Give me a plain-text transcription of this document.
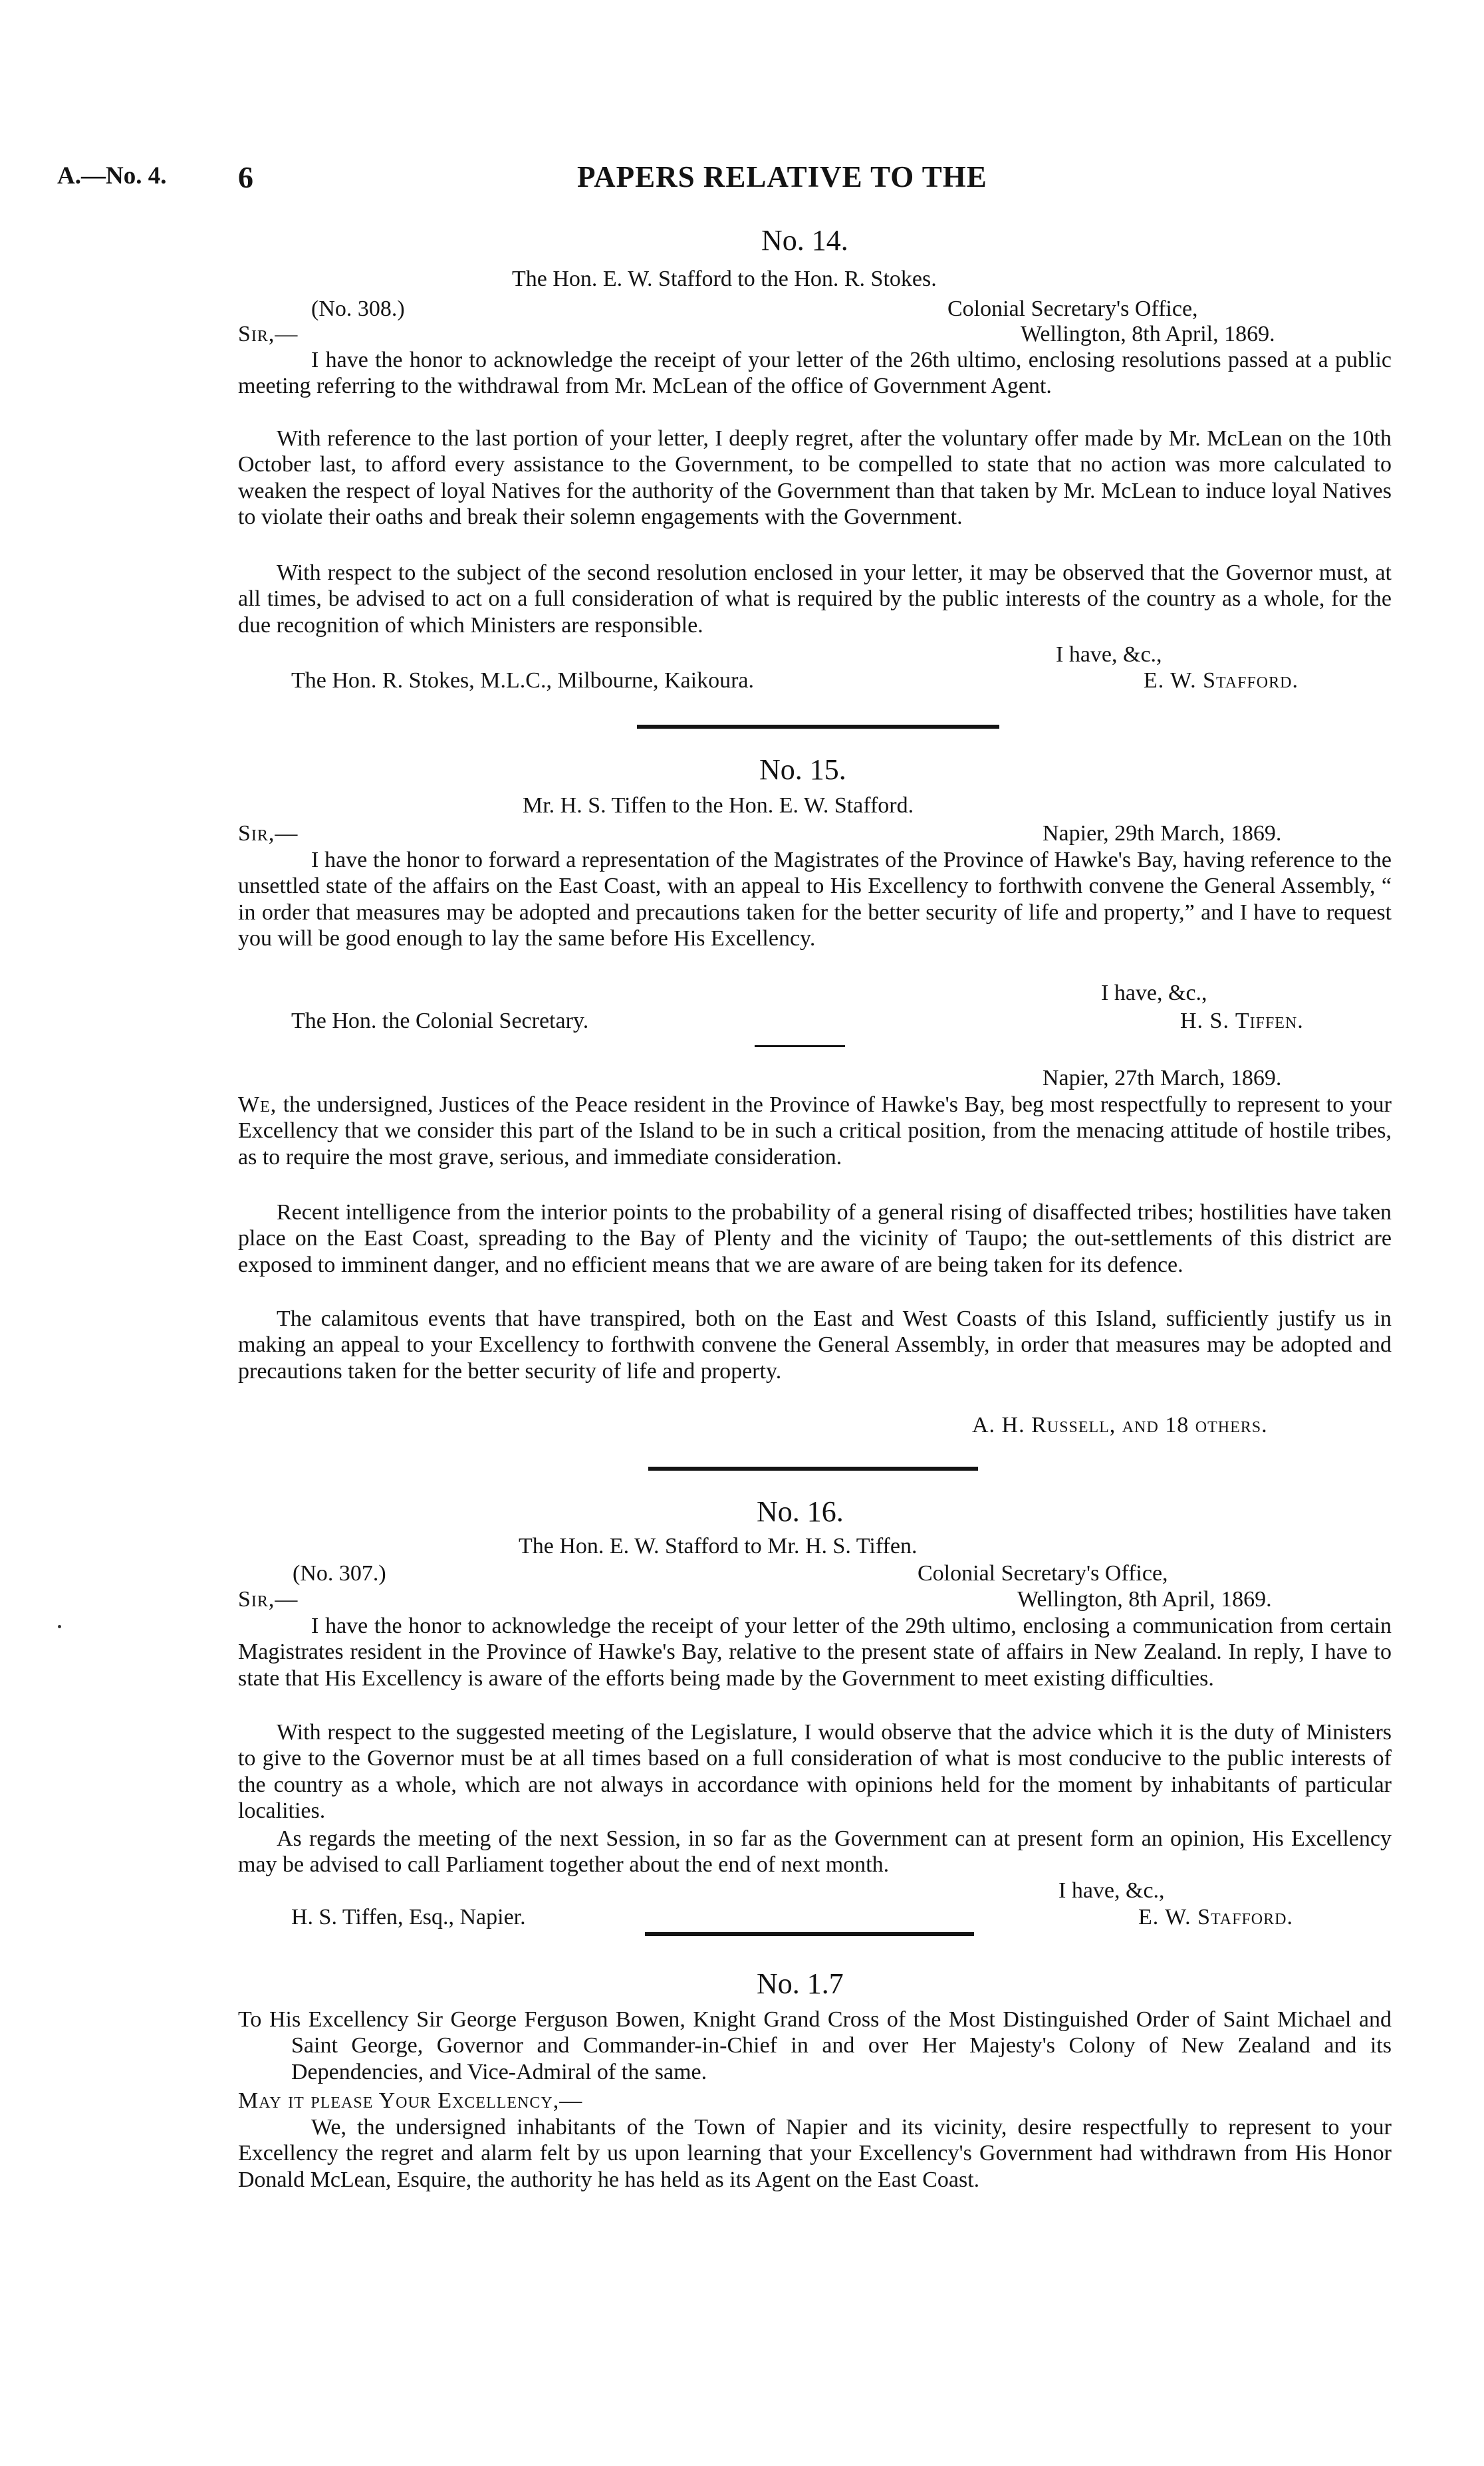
A.—No. 4. 6	PAPERS RELATIVE TO THE
No. 14.
The Hon. E. W. Stafford to the Hon. R. Stokes.
(No. 308.)	Colonial Secretary's Office,
Sir,—	Wellington, 8th April, 1869.
I have the honor to acknowledge the receipt of your letter of the 26th ultimo, enclosing resolutions passed at a public meeting referring to the withdrawal from Mr. McLean of the office of Government Agent.
With reference to the last portion of your letter, I deeply regret, after the voluntary offer made by Mr. McLean on the 10th October last, to afford every assistance to the Government, to be compelled to state that no action was more calculated to weaken the respect of loyal Natives for the authority of the Government than that taken by Mr. McLean to induce loyal Natives to violate their oaths and break their solemn engagements with the Government.
With respect to the subject of the second resolution enclosed in your letter, it may be observed that the Governor must, at all times, be advised to act on a full consideration of what is required by the public interests of the country as a whole, for the due recognition of which Ministers are responsible.
I have, &c.,
The Hon. R. Stokes, M.L.C., Milbourne, Kaikoura.	E. W. Stafford.
No. 15.
Mr. H. S. Tiffen to the Hon. E. W. Stafford.
Sir,—	Napier, 29th March, 1869.
I have the honor to forward a representation of the Magistrates of the Province of Hawke's Bay, having reference to the unsettled state of the affairs on the East Coast, with an appeal to His Excellency to forthwith convene the General Assembly, “ in order that measures may be adopted and precautions taken for the better security of life and property,” and I have to request you will be good enough to lay the same before His Excellency.
I have, &c.,
The Hon. the Colonial Secretary.	H. S. Tiffen.
Napier, 27th March, 1869.
We, the undersigned, Justices of the Peace resident in the Province of Hawke's Bay, beg most respectfully to represent to your Excellency that we consider this part of the Island to be in such a critical position, from the menacing attitude of hostile tribes, as to require the most grave, serious, and immediate consideration.
Recent intelligence from the interior points to the probability of a general rising of disaffected tribes; hostilities have taken place on the East Coast, spreading to the Bay of Plenty and the vicinity of Taupo; the out-settlements of this district are exposed to imminent danger, and no efficient means that we are aware of are being taken for its defence.
The calamitous events that have transpired, both on the East and West Coasts of this Island, sufficiently justify us in making an appeal to your Excellency to forthwith convene the General Assembly, in order that measures may be adopted and precautions taken for the better security of life and property.
A. H. Russell, and 18 others.
No. 16.
The Hon. E. W. Stafford to Mr. H. S. Tiffen.
(No. 307.)	Colonial Secretary's Office,
Sir,—	Wellington, 8th April, 1869.
I have the honor to acknowledge the receipt of your letter of the 29th ultimo, enclosing a communication from certain Magistrates resident in the Province of Hawke's Bay, relative to the present state of affairs in New Zealand. In reply, I have to state that His Excellency is aware of the efforts being made by the Government to meet existing difficulties.
With respect to the suggested meeting of the Legislature, I would observe that the advice which it is the duty of Ministers to give to the Governor must be at all times based on a full consideration of what is most conducive to the public interests of the country as a whole, which are not always in accordance with opinions held for the moment by inhabitants of particular localities.
As regards the meeting of the next Session, in so far as the Government can at present form an opinion, His Excellency may be advised to call Parliament together about the end of next month.
I have, &c.,
H. S. Tiffen, Esq., Napier.	E. W. Stafford.
No. 1.7
To His Excellency Sir George Ferguson Bowen, Knight Grand Cross of the Most Distinguished Order of Saint Michael and Saint George, Governor and Commander-in-Chief in and over Her Majesty's Colony of New Zealand and its Dependencies, and Vice-Admiral of the same.
May it please Your Excellency,—
We, the undersigned inhabitants of the Town of Napier and its vicinity, desire respectfully to represent to your Excellency the regret and alarm felt by us upon learning that your Excellency's Government had withdrawn from His Honor Donald McLean, Esquire, the authority he has held as its Agent on the East Coast.
